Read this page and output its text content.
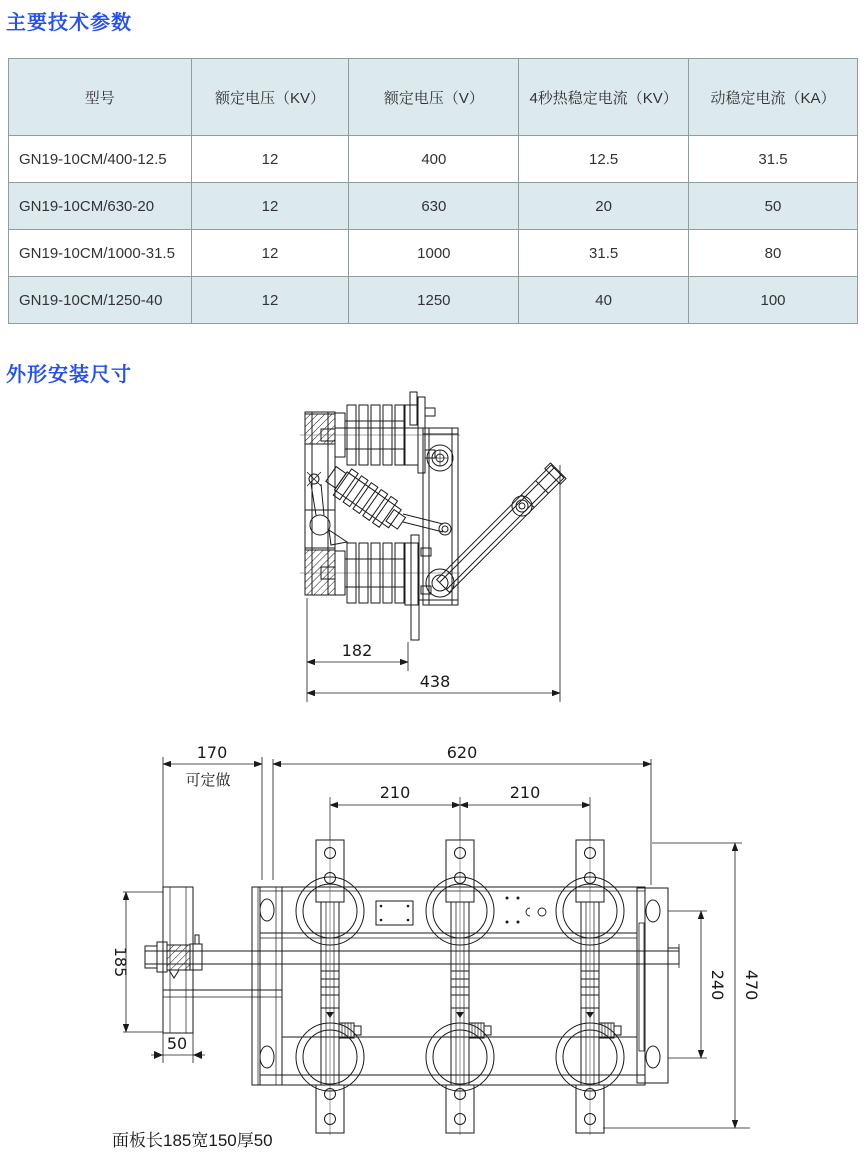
主要技术参数
型号	额定电压（KV）	额定电压（V）	4秒热稳定电流（KV）	动稳定电流（KA）
GN19-10CM/400-12.5	12	400	12.5	31.5
GN19-10CM/630-20	12	630	20	50
GN19-10CM/1000-31.5	12	1000	31.5	80
GN19-10CM/1250-40	12	1250	40	100
外形安装尺寸
182
438
170
可定做
620
210	210
185
50
240 470
面板长185宽150厚50
